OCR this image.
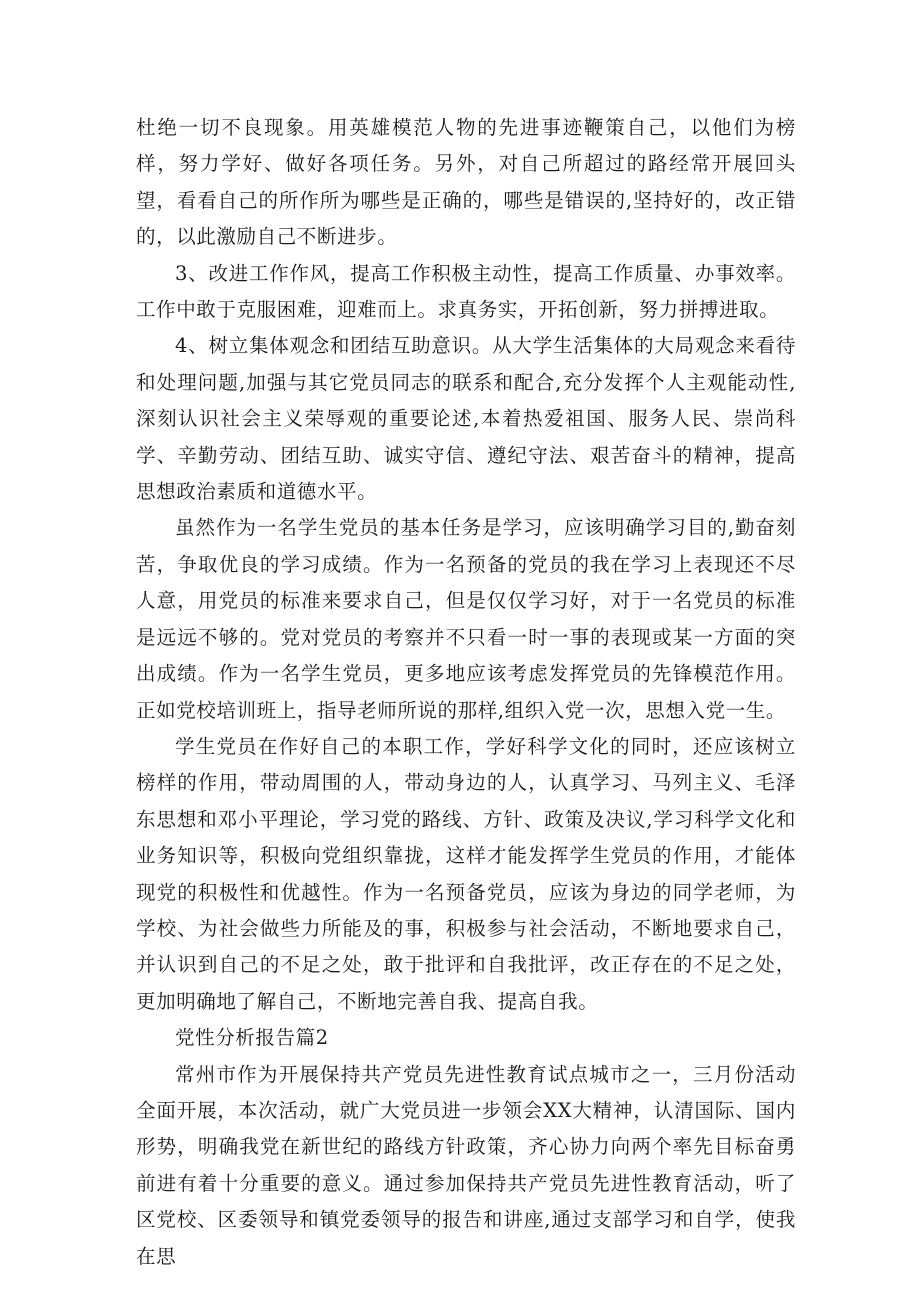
杜绝一切不良现象。用英雄模范人物的先进事迹鞭策自己，以他们为榜样，努力学好、做好各项任务。另外，对自己所超过的路经常开展回头望，看看自己的所作所为哪些是正确的，哪些是错误的,坚持好的，改正错的，以此激励自己不断进步。

3、改进工作作风，提高工作积极主动性，提高工作质量、办事效率。工作中敢于克服困难，迎难而上。求真务实，开拓创新，努力拼搏进取。

4、树立集体观念和团结互助意识。从大学生活集体的大局观念来看待和处理问题,加强与其它党员同志的联系和配合,充分发挥个人主观能动性,深刻认识社会主义荣辱观的重要论述,本着热爱祖国、服务人民、崇尚科学、辛勤劳动、团结互助、诚实守信、遵纪守法、艰苦奋斗的精神，提高思想政治素质和道德水平。

虽然作为一名学生党员的基本任务是学习，应该明确学习目的,勤奋刻苦，争取优良的学习成绩。作为一名预备的党员的我在学习上表现还不尽人意，用党员的标准来要求自己，但是仅仅学习好，对于一名党员的标准是远远不够的。党对党员的考察并不只看一时一事的表现或某一方面的突出成绩。作为一名学生党员，更多地应该考虑发挥党员的先锋模范作用。正如党校培训班上，指导老师所说的那样,组织入党一次，思想入党一生。

学生党员在作好自己的本职工作，学好科学文化的同时，还应该树立榜样的作用，带动周围的人，带动身边的人，认真学习、马列主义、毛泽东思想和邓小平理论，学习党的路线、方针、政策及决议,学习科学文化和业务知识等，积极向党组织靠拢，这样才能发挥学生党员的作用，才能体现党的积极性和优越性。作为一名预备党员，应该为身边的同学老师，为学校、为社会做些力所能及的事，积极参与社会活动，不断地要求自己，并认识到自己的不足之处，敢于批评和自我批评，改正存在的不足之处，更加明确地了解自己，不断地完善自我、提高自我。

党性分析报告篇2

常州市作为开展保持共产党员先进性教育试点城市之一，三月份活动全面开展，本次活动，就广大党员进一步领会XX大精神，认清国际、国内形势，明确我党在新世纪的路线方针政策，齐心协力向两个率先目标奋勇前进有着十分重要的意义。通过参加保持共产党员先进性教育活动，听了区党校、区委领导和镇党委领导的报告和讲座,通过支部学习和自学，使我在思
